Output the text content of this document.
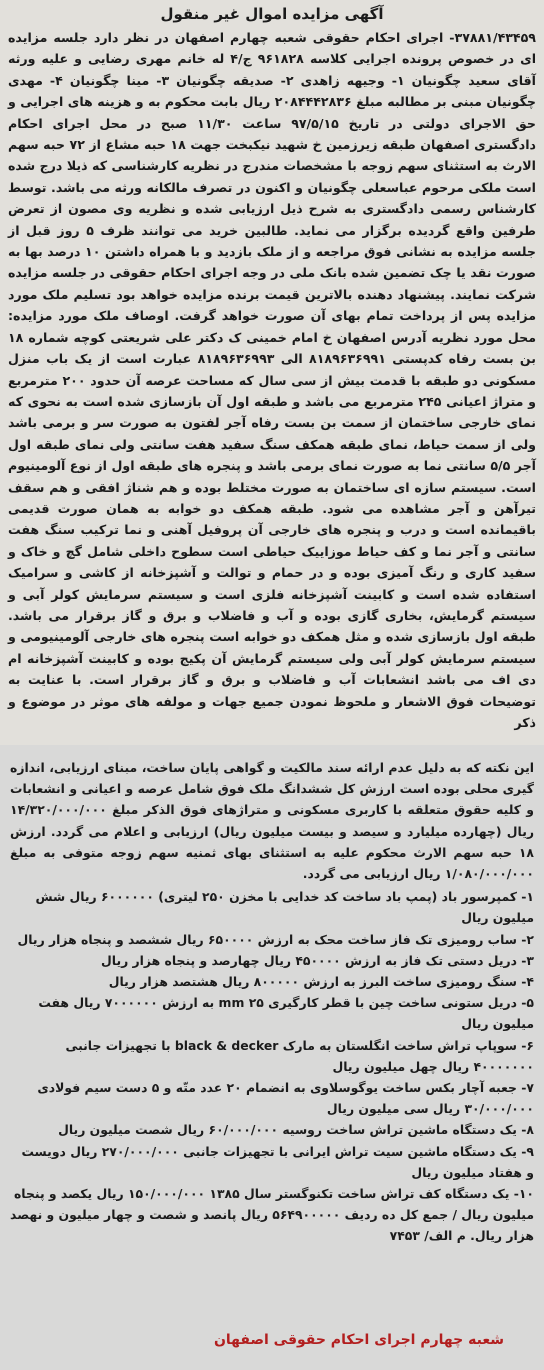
آگهی مزایده اموال غیر منقول

۳۷۸۸۱/۴۳۴۵۹- اجرای احکام حقوقی شعبه چهارم اصفهان در نظر دارد جلسه مزایده ای در خصوص پرونده اجرایی کلاسه ۹۶۱۸۲۸ ج/۴ له خانم مهری رضایی و علیه ورثه آقای سعید چگونیان ۱- وجیهه زاهدی ۲- صدیقه چگونیان ۳- مینا چگونیان ۴- مهدی چگونیان مبنی بر مطالبه مبلغ ۲۰۸۴۴۴۲۸۳۶ ریال بابت محکوم به و هزینه های اجرایی و حق الاجرای دولتی در تاریخ ۹۷/۵/۱۵ ساعت ۱۱/۳۰ صبح در محل اجرای احکام دادگستری اصفهان طبقه زیرزمین خ شهید نیکبخت جهت ۱۸ حبه مشاع از ۷۲ حبه سهم الارث به استثنای سهم زوجه با مشخصات مندرج در نظریه کارشناسی که ذیلا درج شده است ملکی مرحوم عباسعلی چگونیان و اکنون در تصرف مالکانه ورثه می باشد. توسط کارشناس رسمی دادگستری به شرح ذیل ارزیابی شده و نظریه وی مصون از تعرض طرفین واقع گردیده برگزار می نماید. طالبین خرید می توانند ظرف ۵ روز قبل از جلسه مزایده به نشانی فوق مراجعه و از ملک بازدید و با همراه داشتن ۱۰ درصد بها به صورت نقد یا چک تضمین شده بانک ملی در وجه اجرای احکام حقوقی در جلسه مزایده شرکت نمایند. پیشنهاد دهنده بالاترین قیمت برنده مزایده خواهد بود تسلیم ملک مورد مزایده پس از پرداخت تمام بهای آن صورت خواهد گرفت. اوصاف ملک مورد مزایده: محل مورد نظریه آدرس اصفهان خ امام خمینی ک دکتر علی شریعتی کوچه شماره ۱۸ بن بست رفاه کدپستی ۸۱۸۹۶۳۶۹۹۱ الی ۸۱۸۹۶۳۶۹۹۳ عبارت است از یک باب منزل مسکونی دو طبقه با قدمت بیش از سی سال که مساحت عرصه آن حدود ۲۰۰ مترمربع و متراژ اعیانی ۲۴۵ مترمربع می باشد و طبقه اول آن بازسازی شده است به نحوی که نمای خارجی ساختمان از سمت بن بست رفاه آجر لفتون به صورت سر و برمی باشد ولی از سمت حیاط، نمای طبقه همکف سنگ سفید هفت سانتی ولی نمای طبقه اول آجر ۵/۵ سانتی نما به صورت نمای برمی باشد و پنجره های طبقه اول از نوع آلومینیوم است. سیستم سازه ای ساختمان به صورت مختلط بوده و هم شناژ افقی و هم سقف تیرآهن و آجر مشاهده می شود. طبقه همکف دو خوابه به همان صورت قدیمی باقیمانده است و درب و پنجره های خارجی آن پروفیل آهنی و نما ترکیب سنگ هفت سانتی و آجر نما و کف حیاط موزاییک حیاطی است سطوح داخلی شامل گچ و خاک و سفید کاری و رنگ آمیزی بوده و در حمام و توالت و آشپزخانه از کاشی و سرامیک استفاده شده است و کابینت آشپزخانه فلزی است و سیستم سرمایش کولر آبی و سیستم گرمایش، بخاری گازی بوده و آب و فاضلاب و برق و گاز برقرار می باشد. طبقه اول بازسازی شده و مثل همکف دو خوابه است پنجره های خارجی آلومینیومی و سیستم سرمایش کولر آبی ولی سیستم گرمایش آن پکیج بوده و کابینت آشپزخانه ام دی اف می باشد انشعابات آب و فاضلاب و برق و گاز برقرار است. با عنایت به توضیحات فوق الاشعار و ملحوظ نمودن جمیع جهات و مولفه های موثر در موضوع و ذکر

این نکته که به دلیل عدم ارائه سند مالکیت و گواهی پایان ساخت، مبنای ارزیابی، اندازه گیری محلی بوده است ارزش کل ششدانگ ملک فوق شامل عرصه و اعیانی و انشعابات و کلیه حقوق متعلقه با کاربری مسکونی و متراژهای فوق الذکر مبلغ ۱۴/۳۲۰/۰۰۰/۰۰۰ ریال (چهارده میلیارد و سیصد و بیست میلیون ریال) ارزیابی و اعلام می گردد. ارزش ۱۸ حبه سهم الارث محکوم علیه به استثنای بهای ثمنیه سهم زوجه متوفی به مبلغ ۱/۰۸۰/۰۰۰/۰۰۰ ریال ارزیابی می گردد.

۱- کمپرسور باد (پمپ باد ساخت کد خدایی با مخزن ۲۵۰ لیتری) ۶۰۰۰۰۰۰ ریال شش میلیون ریال
۲- ساب رومیزی تک فاز ساخت محک به ارزش ۶۵۰۰۰۰ ریال ششصد و پنجاه هزار ریال
۳- دریل دستی تک فاز به ارزش ۴۵۰۰۰۰ ریال چهارصد و پنجاه هزار ریال
۴- سنگ رومیزی ساخت البرز به ارزش ۸۰۰۰۰۰ ریال هشتصد هزار ریال
۵- دریل ستونی ساخت چین با قطر کارگیری ۲۵ mm به ارزش ۷۰۰۰۰۰۰ ریال هفت میلیون ریال
۶- سوپاپ تراش ساخت انگلستان به مارک black & decker با تجهیزات جانبی ۴۰۰۰۰۰۰۰ ریال چهل میلیون ریال
۷- جعبه آچار بکس ساخت یوگوسلاوی به انضمام ۲۰ عدد متّه و ۵ دست سیم فولادی ۳۰/۰۰۰/۰۰۰ ریال سی میلیون ریال
۸- یک دستگاه ماشین تراش ساخت روسیه ۶۰/۰۰۰/۰۰۰ ریال شصت میلیون ریال
۹- یک دستگاه ماشین سیت تراش ایرانی با تجهیزات جانبی ۲۷۰/۰۰۰/۰۰۰ ریال دویست و هفتاد میلیون ریال
۱۰- یک دستگاه کف تراش ساخت تکنوگستر سال ۱۳۸۵ ۱۵۰/۰۰۰/۰۰۰ ریال یکصد و پنجاه میلیون ریال / جمع کل ده ردیف ۵۶۴۹۰۰۰۰۰ ریال پانصد و شصت و چهار میلیون و نهصد هزار ریال. م الف/ ۷۴۵۳
شعبه چهارم اجرای احکام حقوقی اصفهان
